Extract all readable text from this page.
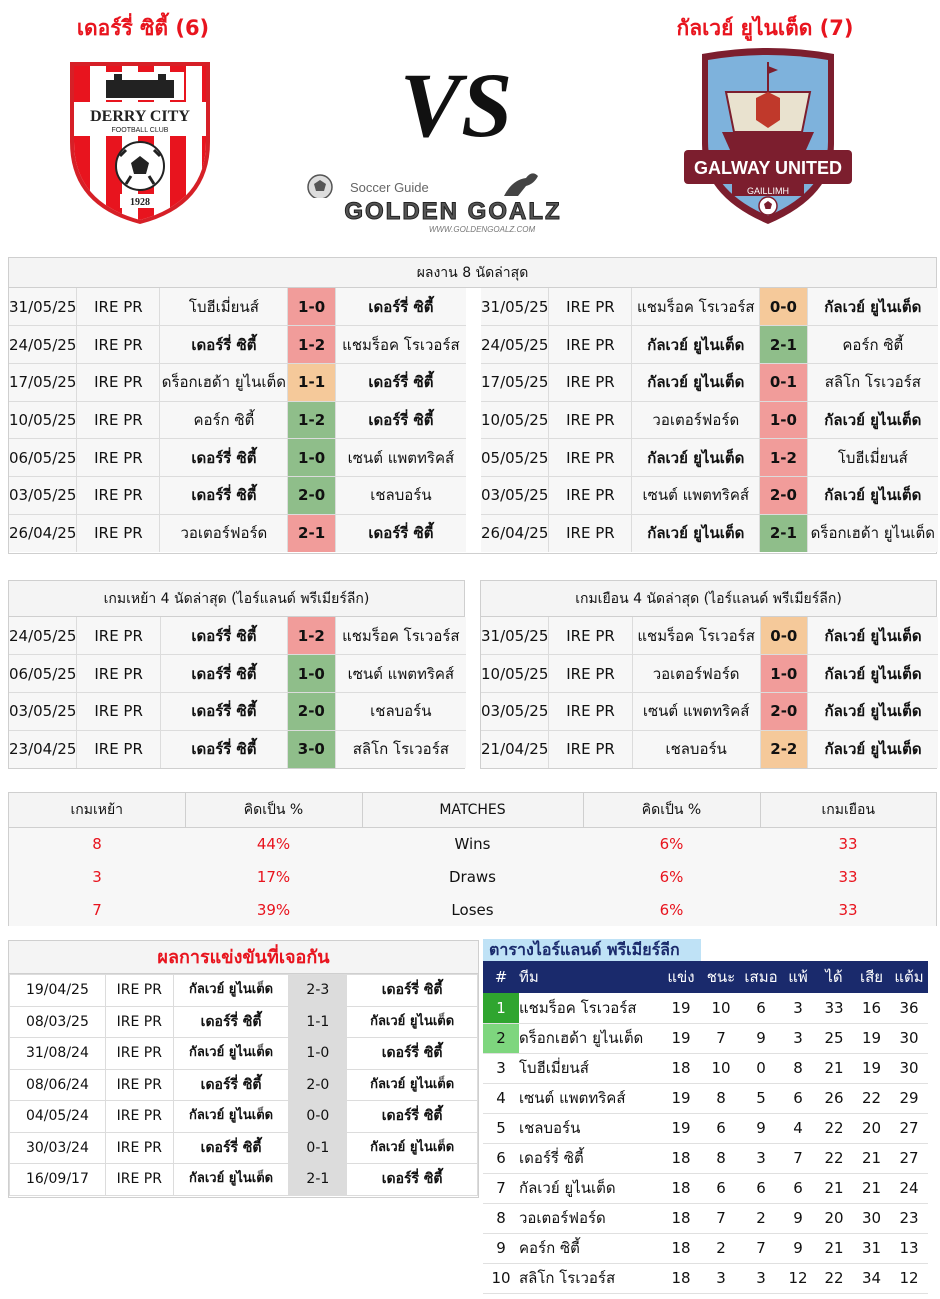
เดอร์รี่ ซิตี้ (6)	กัลเวย์ ยูไนเต็ด (7)
DERRY CITY
FOOTBALL CLUB
1928
VS
Soccer Guide
GOLDEN GOALZ
WWW.GOLDENGOALZ.COM
GALWAY UNITED
GAILLIMH
ผลงาน 8 นัดล่าสุด
31/05/25	IRE PR	โบฮีเมี่ยนส์	1-0	เดอร์รี่ ซิตี้
24/05/25	IRE PR	เดอร์รี่ ซิตี้	1-2	แชมร็อค โรเวอร์ส
17/05/25	IRE PR	ดร็อกเฮด้า ยูไนเต็ด	1-1	เดอร์รี่ ซิตี้
10/05/25	IRE PR	คอร์ก ซิตี้	1-2	เดอร์รี่ ซิตี้
06/05/25	IRE PR	เดอร์รี่ ซิตี้	1-0	เซนต์ แพตทริคส์
03/05/25	IRE PR	เดอร์รี่ ซิตี้	2-0	เชลบอร์น
26/04/25	IRE PR	วอเตอร์ฟอร์ด	2-1	เดอร์รี่ ซิตี้
31/05/25	IRE PR	แชมร็อค โรเวอร์ส	0-0	กัลเวย์ ยูไนเต็ด
24/05/25	IRE PR	กัลเวย์ ยูไนเต็ด	2-1	คอร์ก ซิตี้
17/05/25	IRE PR	กัลเวย์ ยูไนเต็ด	0-1	สลิโก โรเวอร์ส
10/05/25	IRE PR	วอเตอร์ฟอร์ด	1-0	กัลเวย์ ยูไนเต็ด
05/05/25	IRE PR	กัลเวย์ ยูไนเต็ด	1-2	โบฮีเมี่ยนส์
03/05/25	IRE PR	เซนต์ แพตทริคส์	2-0	กัลเวย์ ยูไนเต็ด
26/04/25	IRE PR	กัลเวย์ ยูไนเต็ด	2-1	ดร็อกเฮด้า ยูไนเต็ด
เกมเหย้า 4 นัดล่าสุด (ไอร์แลนด์ พรีเมียร์ลีก)
24/05/25	IRE PR	เดอร์รี่ ซิตี้	1-2	แชมร็อค โรเวอร์ส
06/05/25	IRE PR	เดอร์รี่ ซิตี้	1-0	เซนต์ แพตทริคส์
03/05/25	IRE PR	เดอร์รี่ ซิตี้	2-0	เชลบอร์น
23/04/25	IRE PR	เดอร์รี่ ซิตี้	3-0	สลิโก โรเวอร์ส
เกมเยือน 4 นัดล่าสุด (ไอร์แลนด์ พรีเมียร์ลีก)
31/05/25	IRE PR	แชมร็อค โรเวอร์ส	0-0	กัลเวย์ ยูไนเต็ด
10/05/25	IRE PR	วอเตอร์ฟอร์ด	1-0	กัลเวย์ ยูไนเต็ด
03/05/25	IRE PR	เซนต์ แพตทริคส์	2-0	กัลเวย์ ยูไนเต็ด
21/04/25	IRE PR	เชลบอร์น	2-2	กัลเวย์ ยูไนเต็ด
เกมเหย้า	คิดเป็น %	MATCHES	คิดเป็น %	เกมเยือน
8	44%	Wins	6%	33
3	17%	Draws	6%	33
7	39%	Loses	6%	33
ผลการแข่งขันที่เจอกัน
19/04/25	IRE PR	กัลเวย์ ยูไนเต็ด	2-3	เดอร์รี่ ซิตี้
08/03/25	IRE PR	เดอร์รี่ ซิตี้	1-1	กัลเวย์ ยูไนเต็ด
31/08/24	IRE PR	กัลเวย์ ยูไนเต็ด	1-0	เดอร์รี่ ซิตี้
08/06/24	IRE PR	เดอร์รี่ ซิตี้	2-0	กัลเวย์ ยูไนเต็ด
04/05/24	IRE PR	กัลเวย์ ยูไนเต็ด	0-0	เดอร์รี่ ซิตี้
30/03/24	IRE PR	เดอร์รี่ ซิตี้	0-1	กัลเวย์ ยูไนเต็ด
16/09/17	IRE PR	กัลเวย์ ยูไนเต็ด	2-1	เดอร์รี่ ซิตี้
ตารางไอร์แลนด์ พรีเมียร์ลีก
#	ทีม	แข่ง	ชนะ	เสมอ	แพ้	ได้	เสีย	แต้ม
1	แชมร็อค โรเวอร์ส	19	10	6	3	33	16	36
2	ดร็อกเฮด้า ยูไนเต็ด	19	7	9	3	25	19	30
3	โบฮีเมี่ยนส์	18	10	0	8	21	19	30
4	เซนต์ แพตทริคส์	19	8	5	6	26	22	29
5	เชลบอร์น	19	6	9	4	22	20	27
6	เดอร์รี่ ซิตี้	18	8	3	7	22	21	27
7	กัลเวย์ ยูไนเต็ด	18	6	6	6	21	21	24
8	วอเตอร์ฟอร์ด	18	7	2	9	20	30	23
9	คอร์ก ซิตี้	18	2	7	9	21	31	13
10	สลิโก โรเวอร์ส	18	3	3	12	22	34	12
